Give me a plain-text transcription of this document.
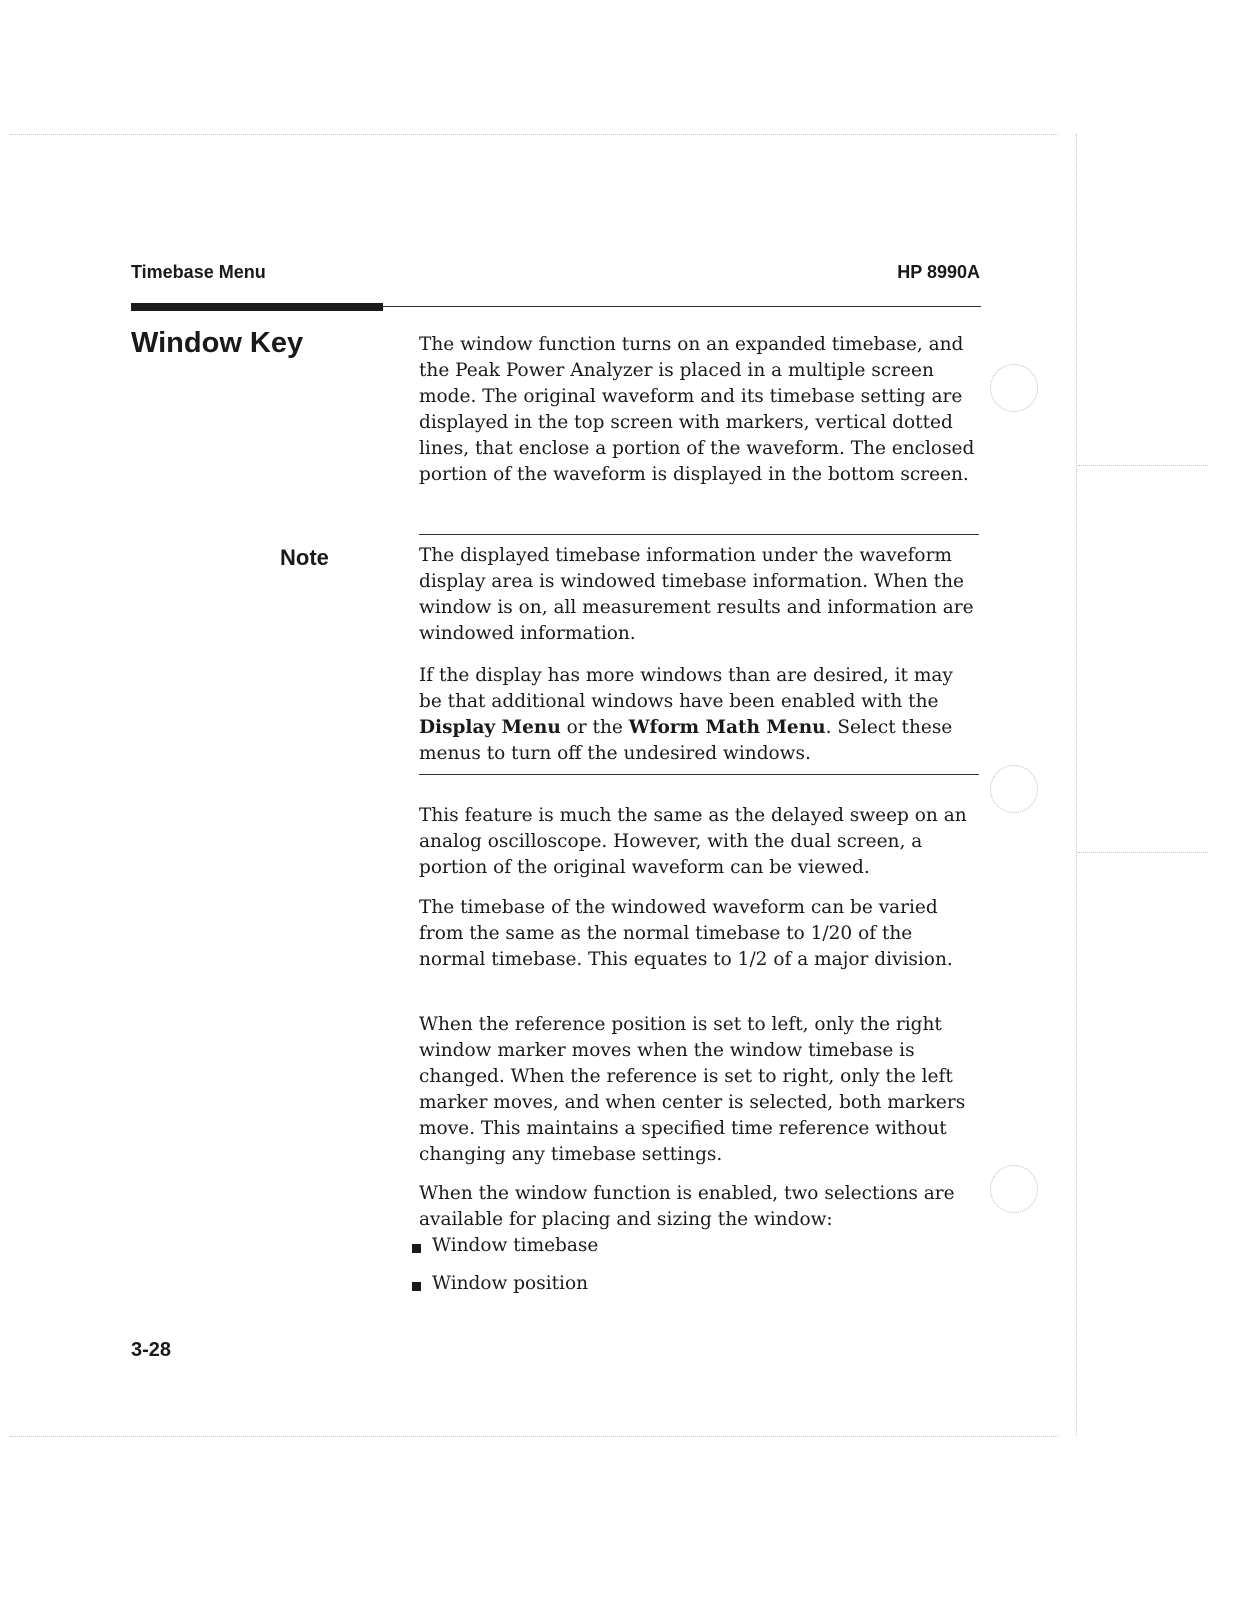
Timebase Menu	HP 8990A
Window Key	The window function turns on an expanded timebase, and the Peak Power Analyzer is placed in a multiple screen mode. The original waveform and its timebase setting are displayed in the top screen with markers, vertical dotted lines, that enclose a portion of the waveform. The enclosed portion of the waveform is displayed in the bottom screen.

Note	The displayed timebase information under the waveform display area is windowed timebase information. When the window is on, all measurement results and information are windowed information.

If the display has more windows than are desired, it may be that additional windows have been enabled with the Display Menu or the Wform Math Menu. Select these menus to turn off the undesired windows.

This feature is much the same as the delayed sweep on an analog oscilloscope. However, with the dual screen, a portion of the original waveform can be viewed.

The timebase of the windowed waveform can be varied from the same as the normal timebase to 1/20 of the normal timebase. This equates to 1/2 of a major division.

When the reference position is set to left, only the right window marker moves when the window timebase is changed. When the reference is set to right, only the left marker moves, and when center is selected, both markers move. This maintains a specified time reference without changing any timebase settings.

When the window function is enabled, two selections are available for placing and sizing the window:

Window timebase
Window position
3-28
